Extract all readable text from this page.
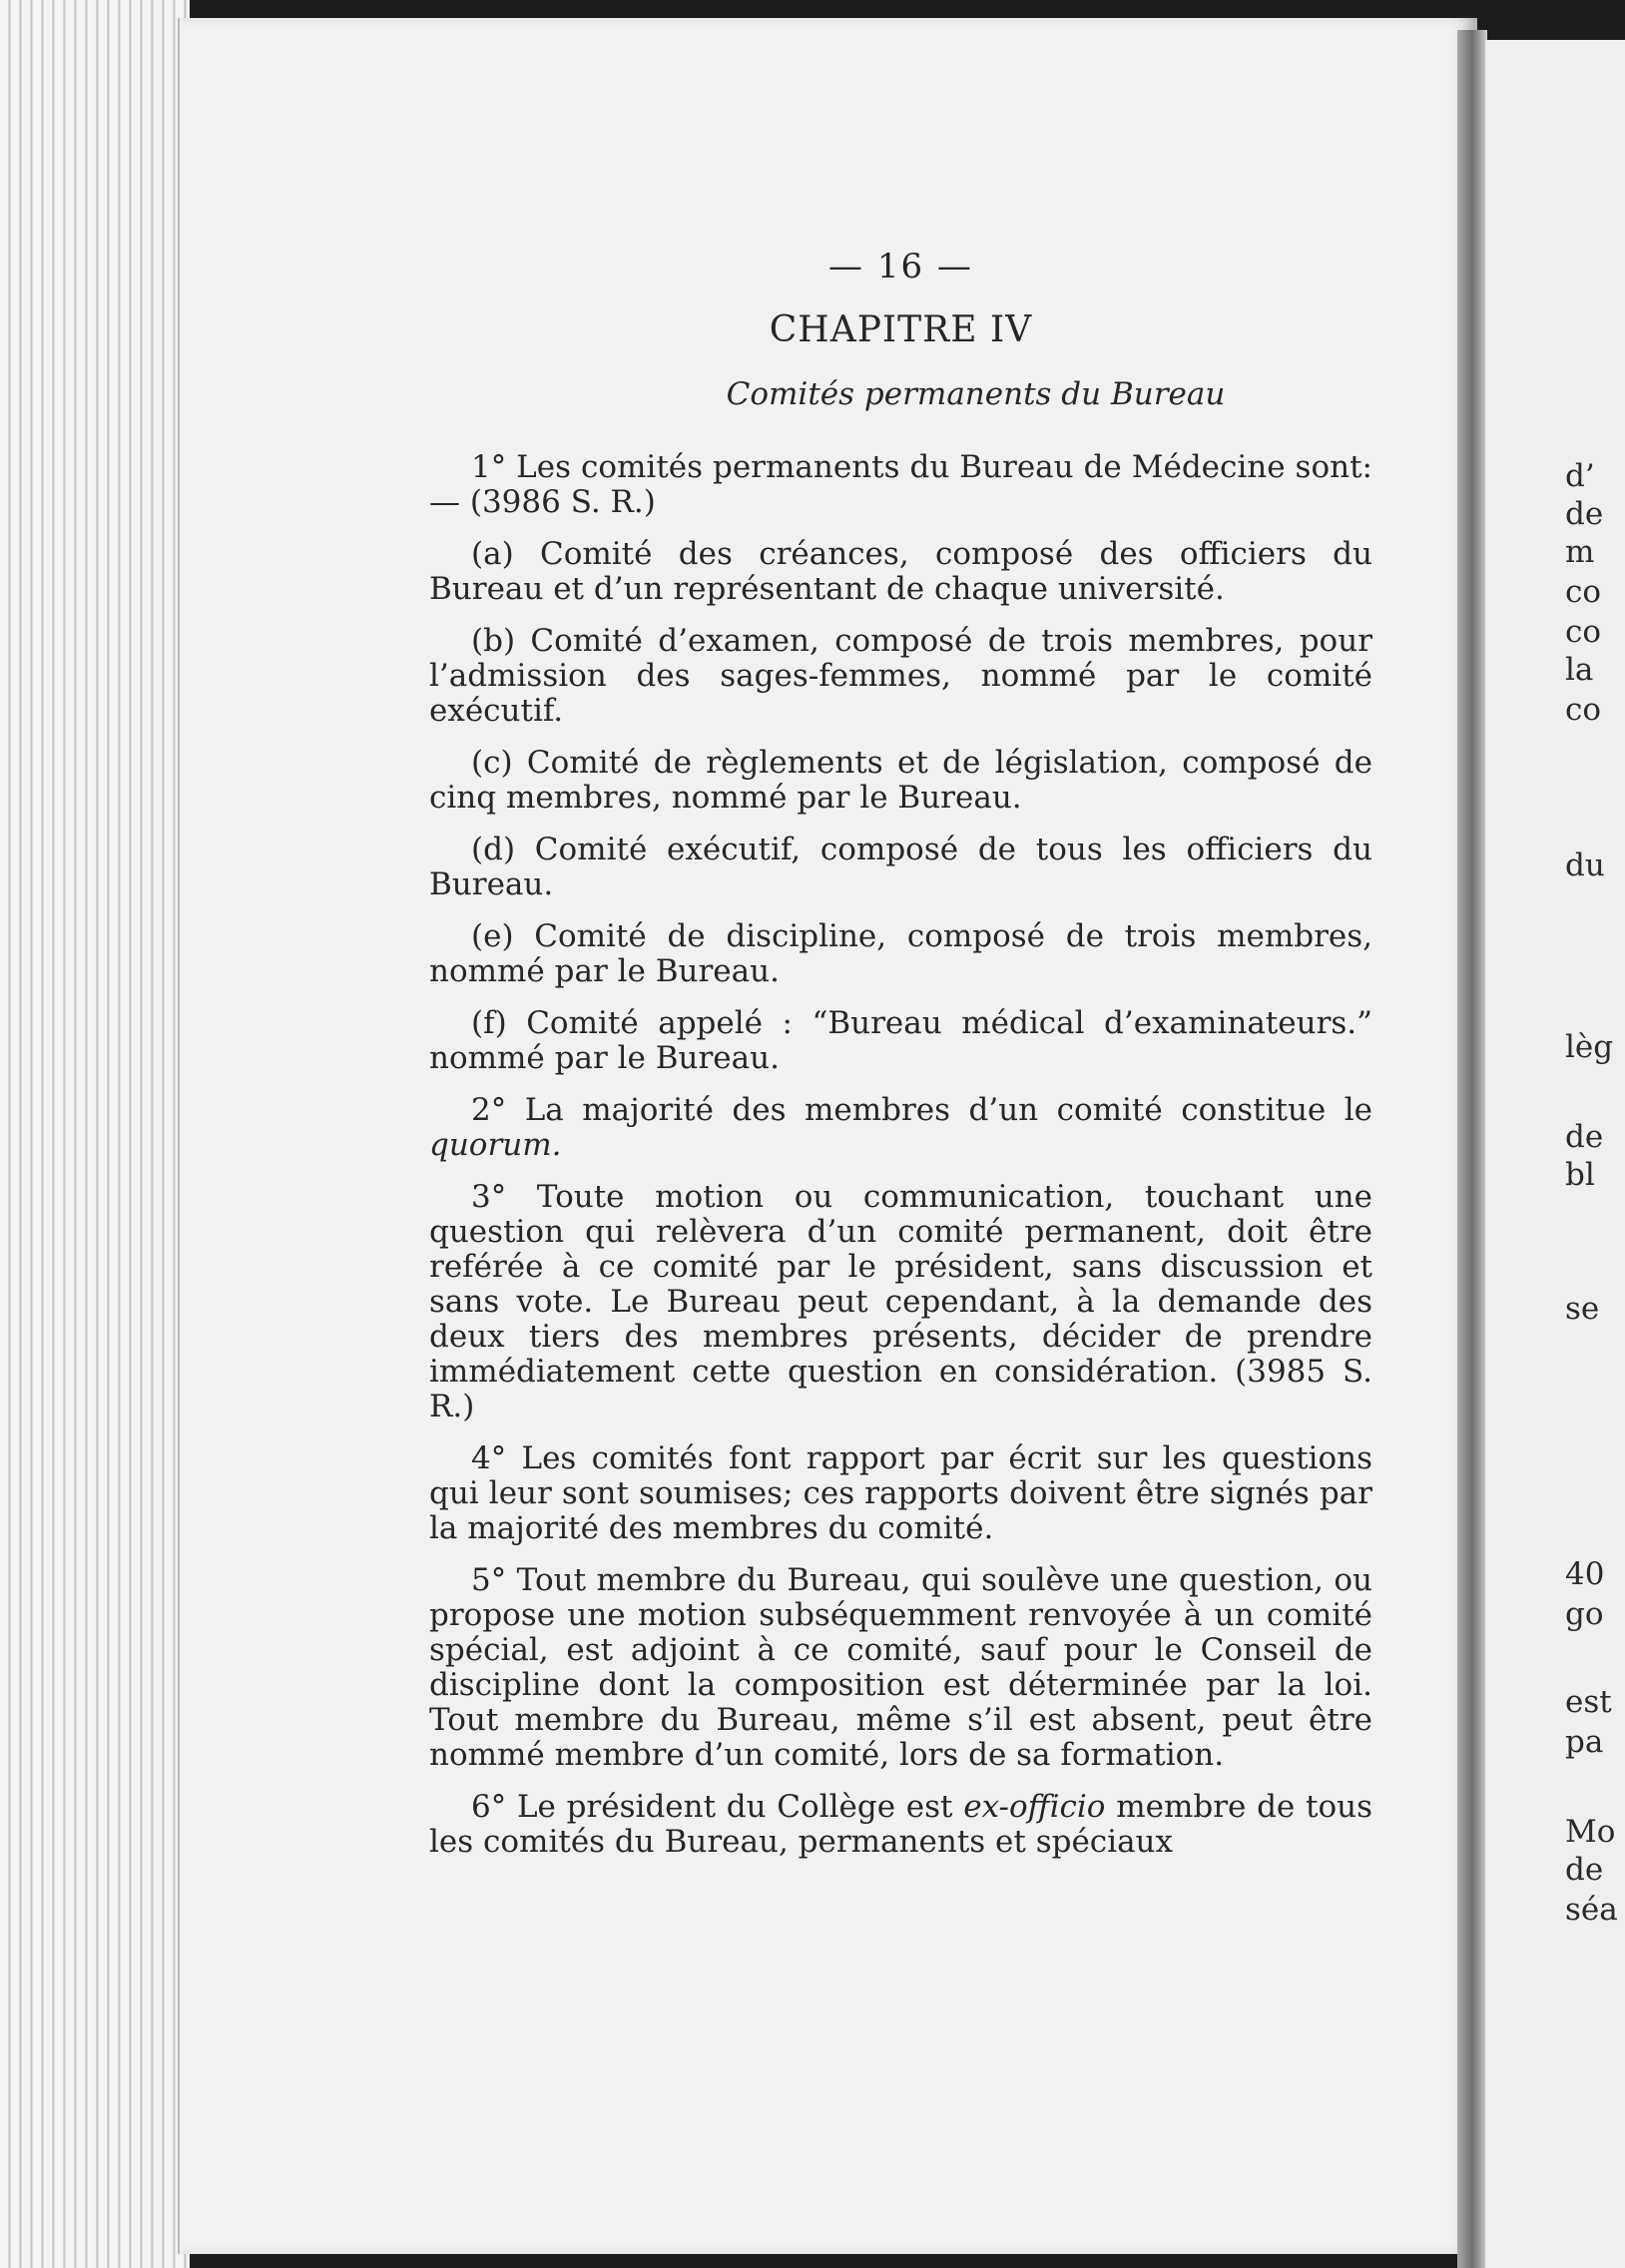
— 16 —
CHAPITRE IV
Comités permanents du Bureau

1° Les comités permanents du Bureau de Médecine sont:— (3986 S. R.)

(a) Comité des créances, composé des officiers du Bureau et d’un représentant de chaque université.

(b) Comité d’examen, composé de trois membres, pour l’admission des sages-femmes, nommé par le comité exécutif.

(c) Comité de règlements et de législation, composé de cinq membres, nommé par le Bureau.

(d) Comité exécutif, composé de tous les officiers du Bureau.

(e) Comité de discipline, composé de trois membres, nommé par le Bureau.

(f) Comité appelé : “Bureau médical d’examinateurs.” nommé par le Bureau.

2° La majorité des membres d’un comité constitue le quorum.

3° Toute motion ou communication, touchant une question qui relèvera d’un comité permanent, doit être reférée à ce comité par le président, sans discussion et sans vote. Le Bureau peut cependant, à la demande des deux tiers des membres présents, décider de prendre immédiatement cette question en considération. (3985 S. R.)

4° Les comités font rapport par écrit sur les questions qui leur sont soumises; ces rapports doivent être signés par la majorité des membres du comité.

5° Tout membre du Bureau, qui soulève une question, ou propose une motion subséquemment renvoyée à un comité spécial, est adjoint à ce comité, sauf pour le Conseil de discipline dont la composition est déterminée par la loi. Tout membre du Bureau, même s’il est absent, peut être nommé membre d’un comité, lors de sa formation.

6° Le président du Collège est ex-officio membre de tous les comités du Bureau, permanents et spéciaux

d’
de
m
co
co
la
co
du
lèg
de
bl
se
40
go
est
pa
Mo
de
séa
